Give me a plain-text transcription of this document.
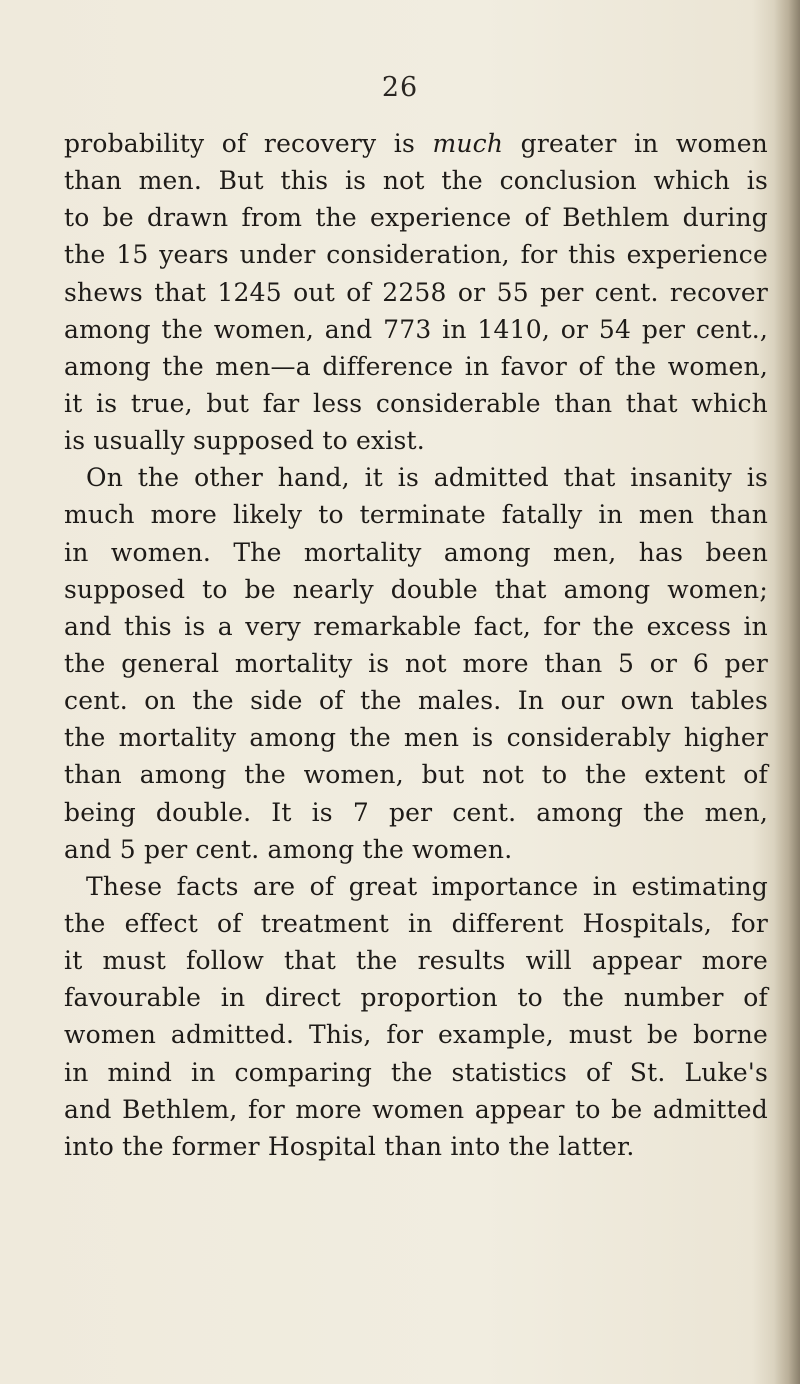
26
probability of recovery is much greater in women
than men. But this is not the conclusion which is
to be drawn from the experience of Bethlem during
the 15 years under consideration, for this experience
shews that 1245 out of 2258 or 55 per cent. recover
among the women, and 773 in 1410, or 54 per cent.,
among the men—a difference in favor of the women,
it is true, but far less considerable than that which
is usually supposed to exist.
On the other hand, it is admitted that insanity is
much more likely to terminate fatally in men than
in women. The mortality among men, has been
supposed to be nearly double that among women;
and this is a very remarkable fact, for the excess in
the general mortality is not more than 5 or 6 per
cent. on the side of the males. In our own tables
the mortality among the men is considerably higher
than among the women, but not to the extent of
being double. It is 7 per cent. among the men,
and 5 per cent. among the women.
These facts are of great importance in estimating
the effect of treatment in different Hospitals, for
it must follow that the results will appear more
favourable in direct proportion to the number of
women admitted. This, for example, must be borne
in mind in comparing the statistics of St. Luke's
and Bethlem, for more women appear to be admitted
into the former Hospital than into the latter.
